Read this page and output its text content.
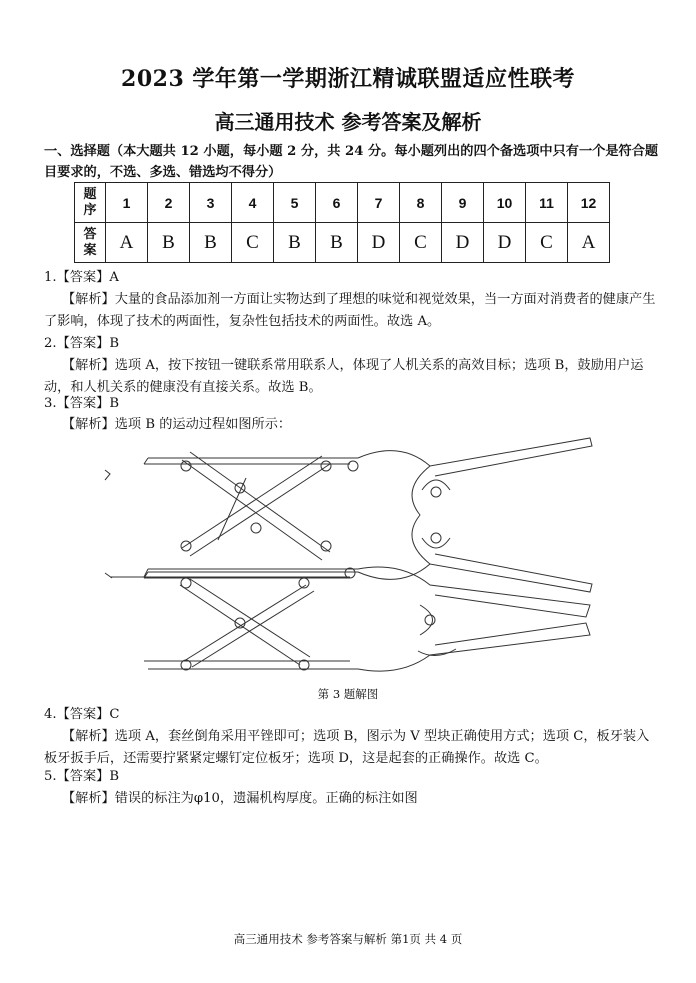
2023 学年第一学期浙江精诚联盟适应性联考
高三通用技术 参考答案及解析
一、选择题（本大题共 12 小题，每小题 2 分，共 24 分。每小题列出的四个备选项中只有一个是符合题目要求的，不选、多选、错选均不得分）
题
序	1	2	3	4	5	6	7	8	9	10	11	12
答
案	A	B	B	C	B	B	D	C	D	D	C	A
1.【答案】A
【解析】大量的食品添加剂一方面让实物达到了理想的味觉和视觉效果，当一方面对消费者的健康产生了影响，体现了技术的两面性，复杂性包括技术的两面性。故选 A。
2.【答案】B
【解析】选项 A，按下按钮一键联系常用联系人，体现了人机关系的高效目标；选项 B，鼓励用户运动，和人机关系的健康没有直接关系。故选 B。
3.【答案】B
【解析】选项 B 的运动过程如图所示：
第 3 题解图
4.【答案】C
【解析】选项 A，套丝倒角采用平锉即可；选项 B，图示为 V 型块正确使用方式；选项 C，板牙装入板牙扳手后，还需要拧紧紧定螺钉定位板牙；选项 D，这是起套的正确操作。故选 C。
5.【答案】B
【解析】错误的标注为φ10，遗漏机构厚度。正确的标注如图
高三通用技术 参考答案与解析 第1页 共 4 页
